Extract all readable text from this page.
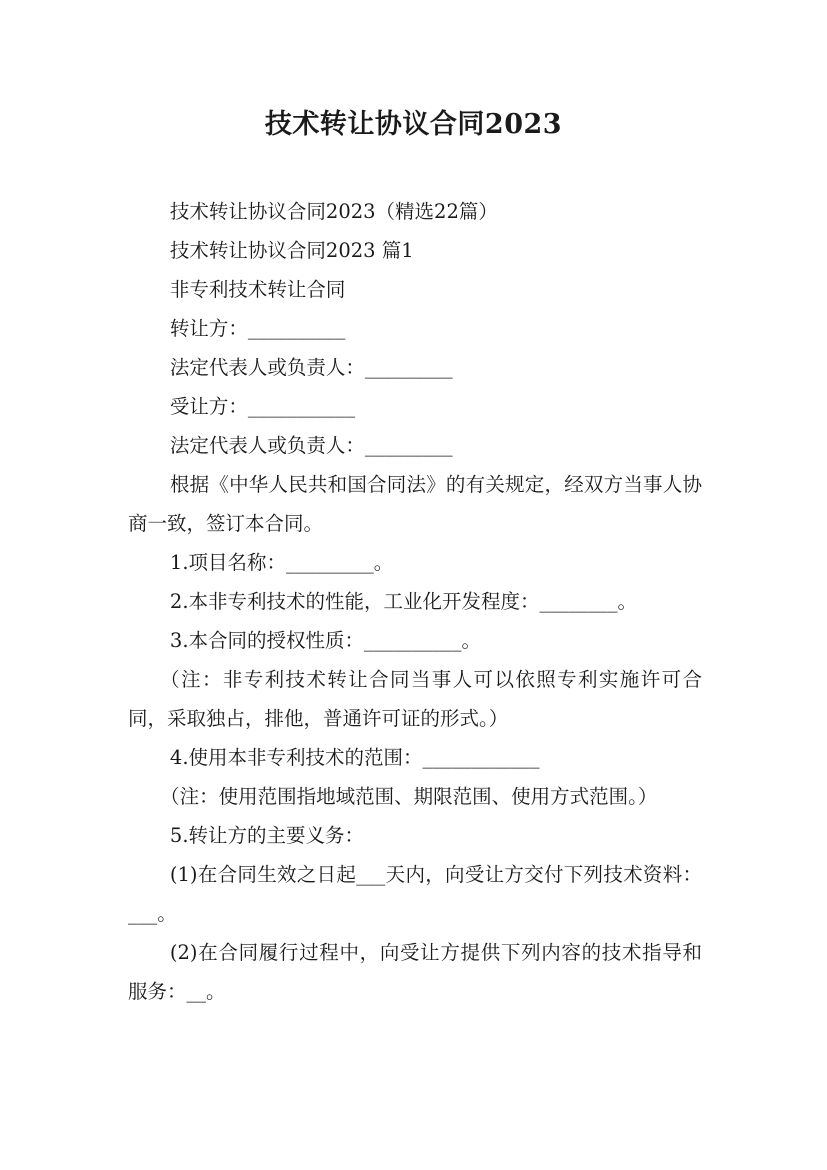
技术转让协议合同2023

技术转让协议合同2023（精选22篇）

技术转让协议合同2023 篇1

非专利技术转让合同

转让方：__________

法定代表人或负责人：_________

受让方：___________

法定代表人或负责人：_________

根据《中华人民共和国合同法》的有关规定，经双方当事人协商一致，签订本合同。

1.项目名称：_________。

2.本非专利技术的性能，工业化开发程度：________。

3.本合同的授权性质：__________。

（注：非专利技术转让合同当事人可以依照专利实施许可合同，采取独占，排他，普通许可证的形式。）

4.使用本非专利技术的范围：____________

（注：使用范围指地域范围、期限范围、使用方式范围。）

5.转让方的主要义务：

(1)在合同生效之日起___天内，向受让方交付下列技术资料：___。

(2)在合同履行过程中，向受让方提供下列内容的技术指导和服务：__。
